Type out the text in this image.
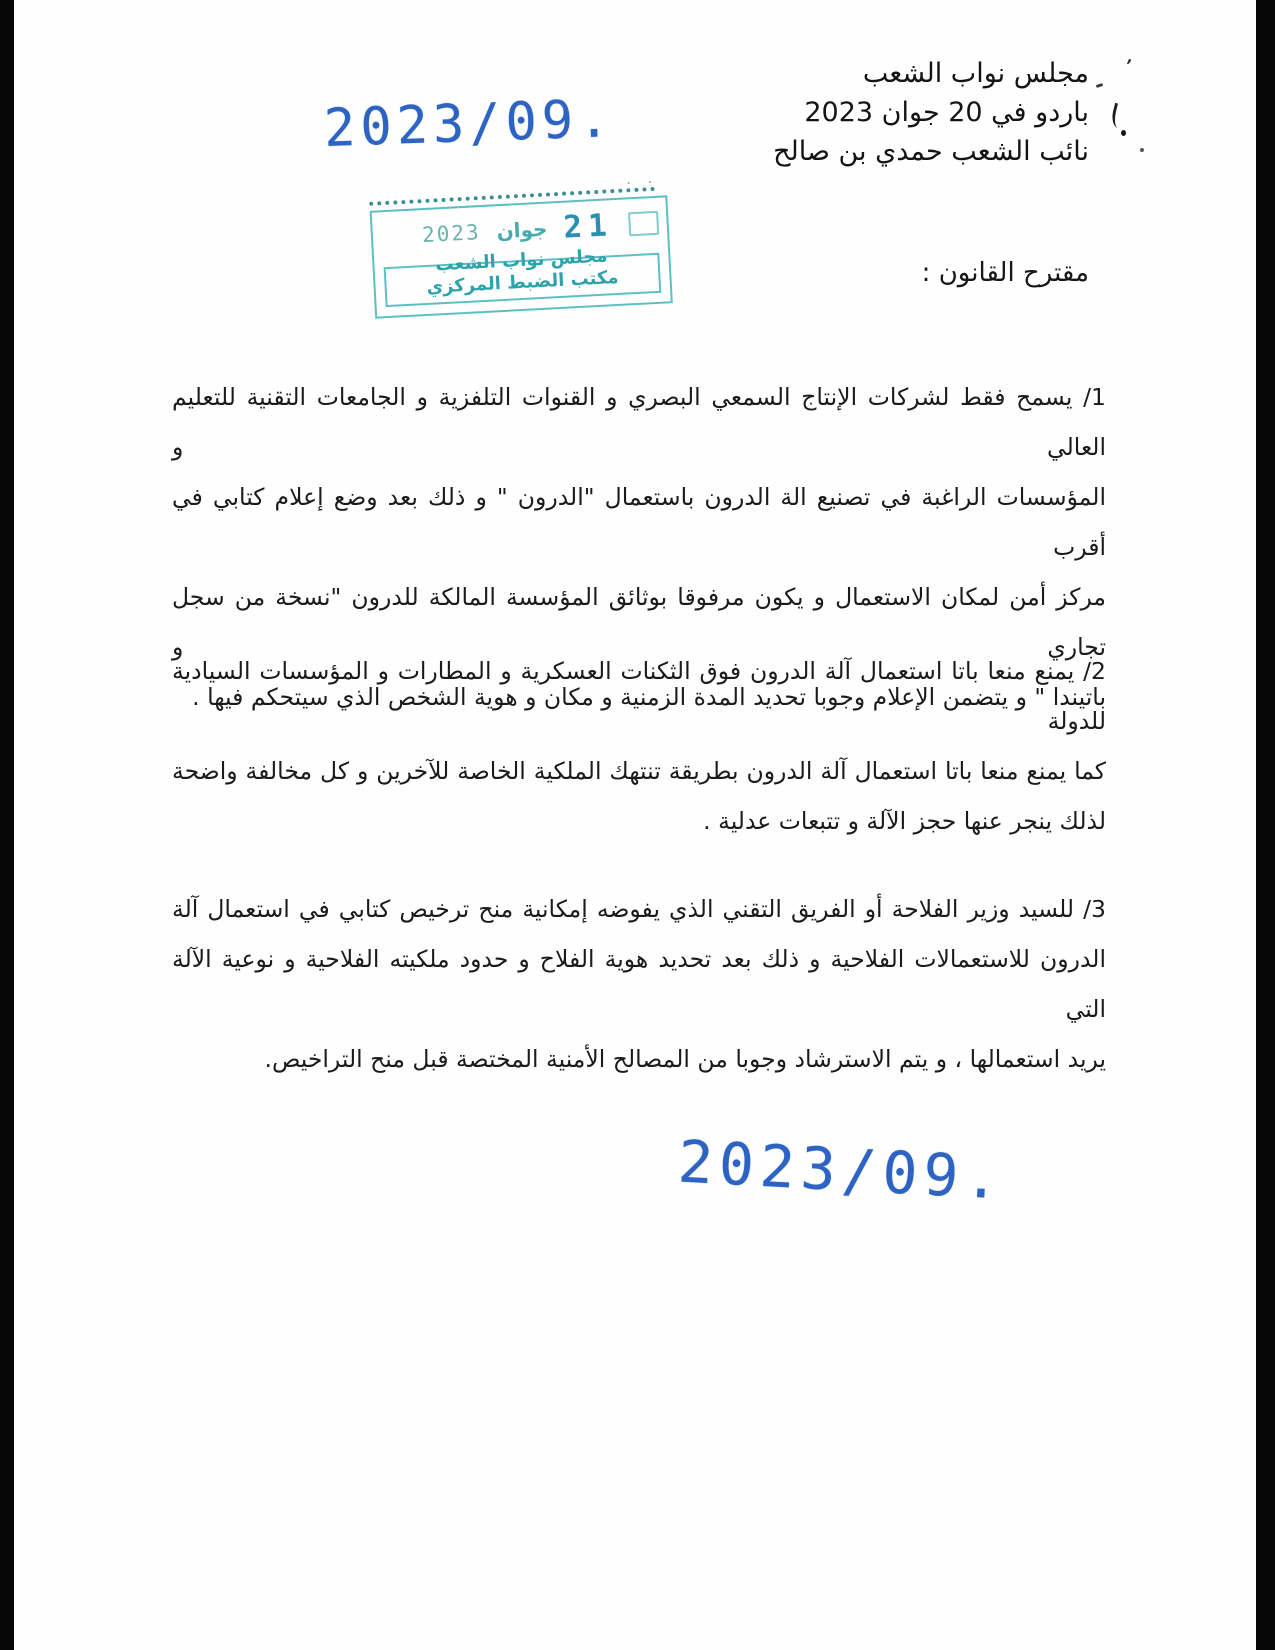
مجلس نواب الشعب
باردو في 20 جوان 2023
نائب الشعب حمدي بن صالح
’
2023/09.
· ·
21
جوان
2023
مجلس نواب الشعب
مكتب الضبط المركزي	مقترح القانون :
1/ يسمح فقط لشركات الإنتاج السمعي البصري و القنوات التلفزية و الجامعات التقنية للتعليم العالي و
المؤسسات الراغبة في تصنيع الة الدرون باستعمال "الدرون " و ذلك بعد وضع إعلام كتابي في أقرب
مركز أمن لمكان الاستعمال و يكون مرفوقا بوثائق المؤسسة المالكة للدرون "نسخة من سجل تجاري و
باتيندا " و يتضمن الإعلام وجوبا تحديد المدة الزمنية و مكان و هوية الشخص الذي سيتحكم فيها .
2/ يمنع منعا باتا استعمال آلة الدرون فوق الثكنات العسكرية و المطارات و المؤسسات السيادية للدولة
كما يمنع منعا باتا استعمال آلة الدرون بطريقة تنتهك الملكية الخاصة للآخرين و كل مخالفة واضحة
لذلك ينجر عنها حجز الآلة و تتبعات عدلية .
3/ للسيد وزير الفلاحة أو الفريق التقني الذي يفوضه إمكانية منح ترخيص كتابي في استعمال آلة
الدرون للاستعمالات الفلاحية و ذلك بعد تحديد هوية الفلاح و حدود ملكيته الفلاحية و نوعية الآلة التي
يريد استعمالها ، و يتم الاسترشاد وجوبا من المصالح الأمنية المختصة قبل منح التراخيص.
2023/09.
